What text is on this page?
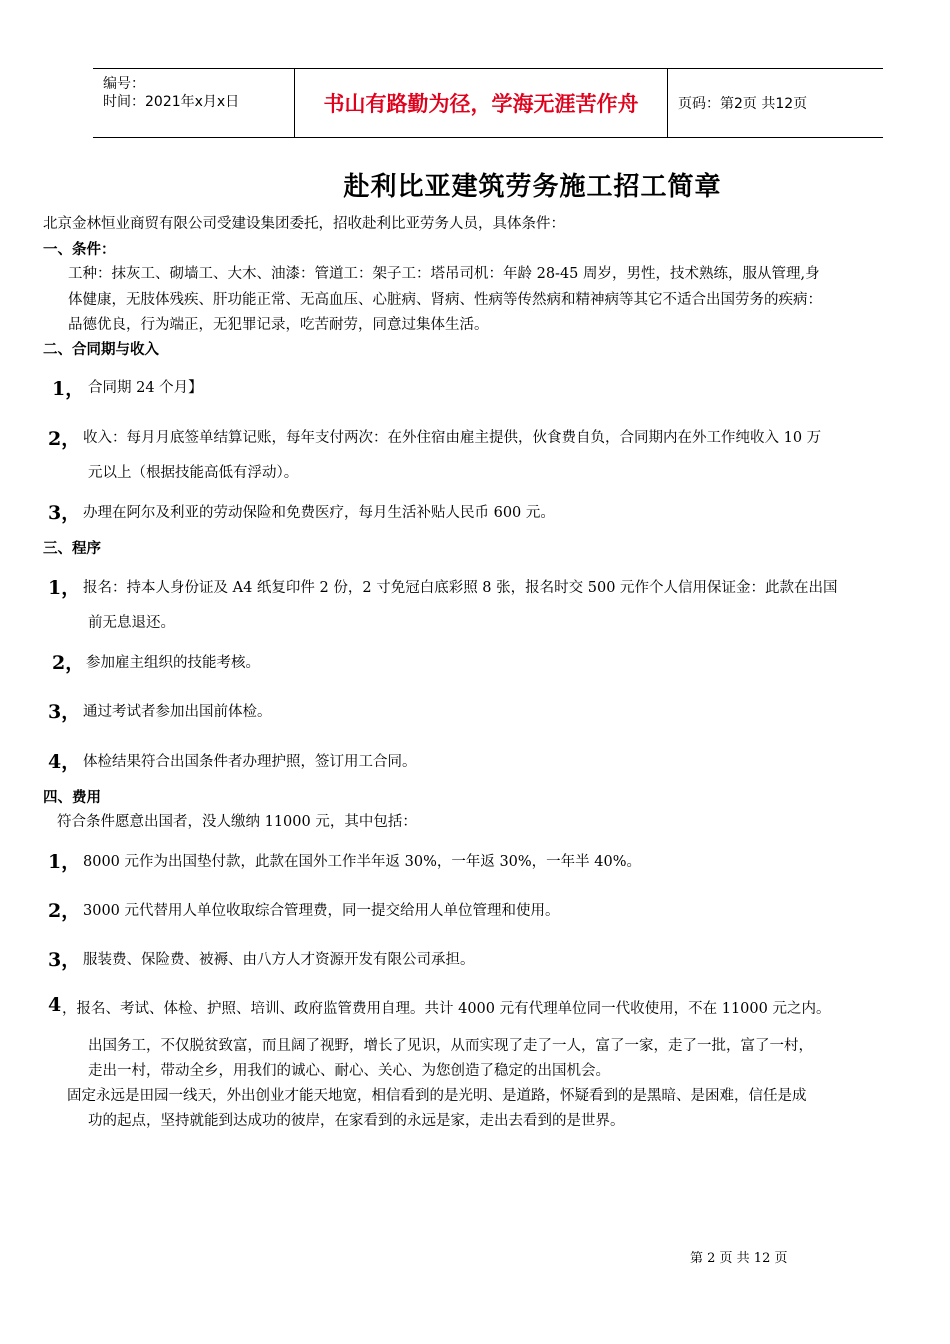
编号：
时间：2021年x月x日	书山有路勤为径，学海无涯苦作舟	页码：第2页 共12页
赴利比亚建筑劳务施工招工简章
北京金林恒业商贸有限公司受建设集团委托，招收赴利比亚劳务人员，具体条件：
一、条件：
工种：抹灰工、砌墙工、大木、油漆：管道工：架子工：塔吊司机：年龄 28-45 周岁，男性，技术熟练，服从管理,身
体健康，无肢体残疾、肝功能正常、无高血压、心脏病、肾病、性病等传然病和精神病等其它不适合出国劳务的疾病：
品德优良，行为端正，无犯罪记录，吃苦耐劳，同意过集体生活。
二、合同期与收入
1， 合同期 24 个月】
2， 收入：每月月底签单结算记账，每年支付两次：在外住宿由雇主提供，伙食费自负，合同期内在外工作纯收入 10 万
元以上（根据技能高低有浮动）。
3， 办理在阿尔及利亚的劳动保险和免费医疗，每月生活补贴人民币 600 元。
三、程序
1， 报名：持本人身份证及 A4 纸复印件 2 份，2 寸免冠白底彩照 8 张，报名时交 500 元作个人信用保证金：此款在出国
前无息退还。
2， 参加雇主组织的技能考核。
3， 通过考试者参加出国前体检。
4， 体检结果符合出国条件者办理护照，签订用工合同。
四、费用
符合条件愿意出国者，没人缴纳 11000 元，其中包括：
1， 8000 元作为出国垫付款，此款在国外工作半年返 30%，一年返 30%，一年半 40%。
2， 3000 元代替用人单位收取综合管理费，同一提交给用人单位管理和使用。
3， 服装费、保险费、被褥、由八方人才资源开发有限公司承担。
4 ，报名、考试、体检、护照、培训、政府监管费用自理。共计 4000 元有代理单位同一代收使用，不在 11000 元之内。
出国务工，不仅脱贫致富，而且阔了视野，增长了见识，从而实现了走了一人，富了一家，走了一批，富了一村，
走出一村，带动全乡，用我们的诚心、耐心、关心、为您创造了稳定的出国机会。
固定永远是田园一线天，外出创业才能天地宽，相信看到的是光明、是道路，怀疑看到的是黑暗、是困难，信任是成
功的起点，坚持就能到达成功的彼岸，在家看到的永远是家，走出去看到的是世界。
第 2 页 共 12 页
